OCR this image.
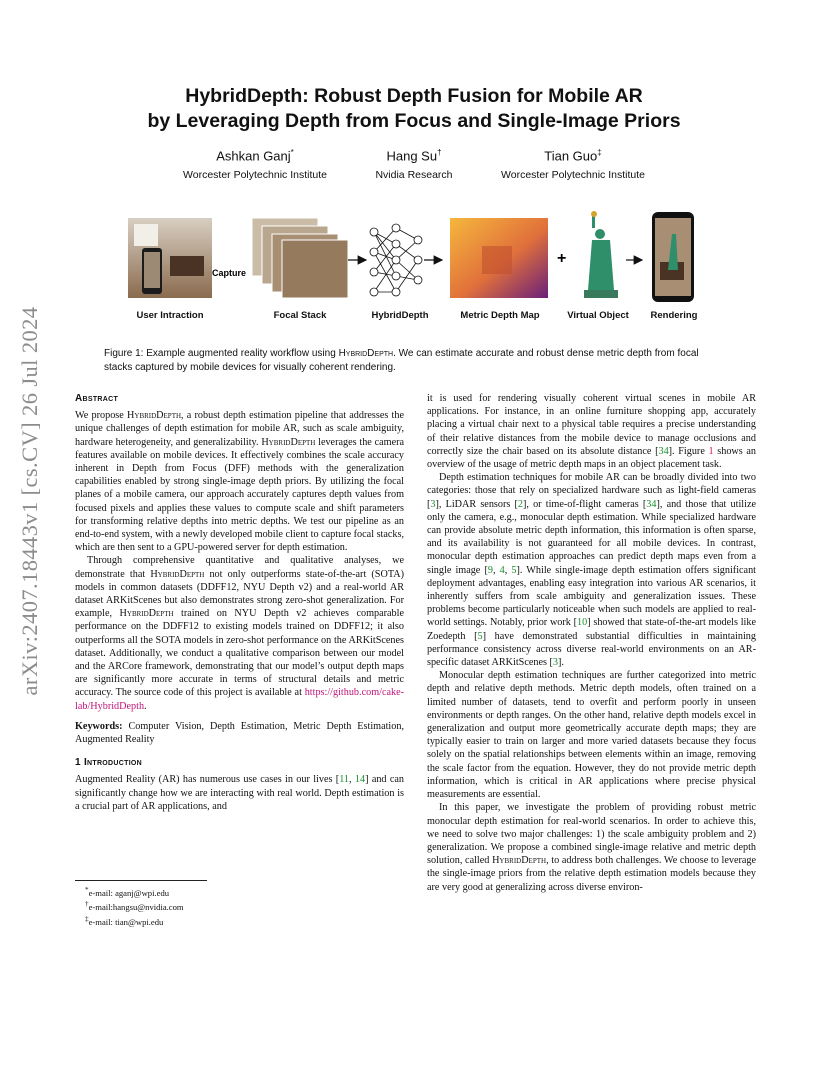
arXiv:2407.18443v1 [cs.CV] 26 Jul 2024
HybridDepth: Robust Depth Fusion for Mobile AR
by Leveraging Depth from Focus and Single-Image Priors
Ashkan Ganj*
Worcester Polytechnic Institute
Hang Su†
Nvidia Research
Tian Guo‡
Worcester Polytechnic Institute
Capture
+
User Intraction	Focal Stack	HybridDepth	Metric Depth Map	Virtual Object	Rendering
Figure 1: Example augmented reality workflow using HybridDepth. We can estimate accurate and robust dense metric depth from focal stacks captured by mobile devices for visually coherent rendering.

Abstract

We propose HybridDepth, a robust depth estimation pipeline that addresses the unique challenges of depth estimation for mobile AR, such as scale ambiguity, hardware heterogeneity, and generalizability. HybridDepth leverages the camera features available on mobile devices. It effectively combines the scale accuracy inherent in Depth from Focus (DFF) methods with the generalization capabilities enabled by strong single-image depth priors. By utilizing the focal planes of a mobile camera, our approach accurately captures depth values from focused pixels and applies these values to compute scale and shift parameters for transforming relative depths into metric depths. We test our pipeline as an end-to-end system, with a newly developed mobile client to capture focal stacks, which are then sent to a GPU-powered server for depth estimation.

Through comprehensive quantitative and qualitative analyses, we demonstrate that HybridDepth not only outperforms state-of-the-art (SOTA) models in common datasets (DDFF12, NYU Depth v2) and a real-world AR dataset ARKitScenes but also demonstrates strong zero-shot generalization. For example, HybridDepth trained on NYU Depth v2 achieves comparable performance on the DDFF12 to existing models trained on DDFF12; it also outperforms all the SOTA models in zero-shot performance on the ARKitScenes dataset. Additionally, we conduct a qualitative comparison between our model and the ARCore framework, demonstrating that our model’s output depth maps are significantly more accurate in terms of structural details and metric accuracy. The source code of this project is available at https://github.com/cake-lab/HybridDepth.

Keywords: Computer Vision, Depth Estimation, Metric Depth Estimation, Augmented Reality

1 Introduction

Augmented Reality (AR) has numerous use cases in our lives [11, 14] and can significantly change how we are interacting with real world. Depth estimation is a crucial part of AR applications, and

*e-mail: aganj@wpi.edu
†e-mail:hangsu@nvidia.com
‡e-mail: tian@wpi.edu

it is used for rendering visually coherent virtual scenes in mobile AR applications. For instance, in an online furniture shopping app, accurately placing a virtual chair next to a physical table requires a precise understanding of their relative distances from the mobile device to manage occlusions and correctly size the chair based on its absolute distance [34]. Figure 1 shows an overview of the usage of metric depth maps in an object placement task.

Depth estimation techniques for mobile AR can be broadly divided into two categories: those that rely on specialized hardware such as light-field cameras [3], LiDAR sensors [2], or time-of-flight cameras [34], and those that utilize only the camera, e.g., monocular depth estimation. While specialized hardware can provide absolute metric depth information, this information is often sparse, and its availability is not guaranteed for all mobile devices. In contrast, monocular depth estimation approaches can predict depth maps even from a single image [9, 4, 5]. While single-image depth estimation offers significant deployment advantages, enabling easy integration into various AR scenarios, it inherently suffers from scale ambiguity and generalization issues. These problems become particularly noticeable when such models are applied to real-world settings. Notably, prior work [10] showed that state-of-the-art models like Zoedepth [5] have demonstrated substantial difficulties in maintaining performance consistency across diverse real-world environments on an AR-specific dataset ARKitScenes [3].

Monocular depth estimation techniques are further categorized into metric depth and relative depth methods. Metric depth models, often trained on a limited number of datasets, tend to overfit and perform poorly in unseen environments or depth ranges. On the other hand, relative depth models excel in generalization and output more geometrically accurate depth maps; they are typically easier to train on larger and more varied datasets because they focus solely on the spatial relationships between elements within an image, removing the scale factor from the equation. However, they do not provide metric depth information, which is critical in AR applications where precise physical measurements are essential.

In this paper, we investigate the problem of providing robust metric monocular depth estimation for real-world scenarios. In order to achieve this, we need to solve two major challenges: 1) the scale ambiguity problem and 2) generalization. We propose a combined single-image relative and metric depth solution, called HybridDepth, to address both challenges. We choose to leverage the single-image priors from the relative depth estimation models because they are very good at generalizing across diverse environ-
